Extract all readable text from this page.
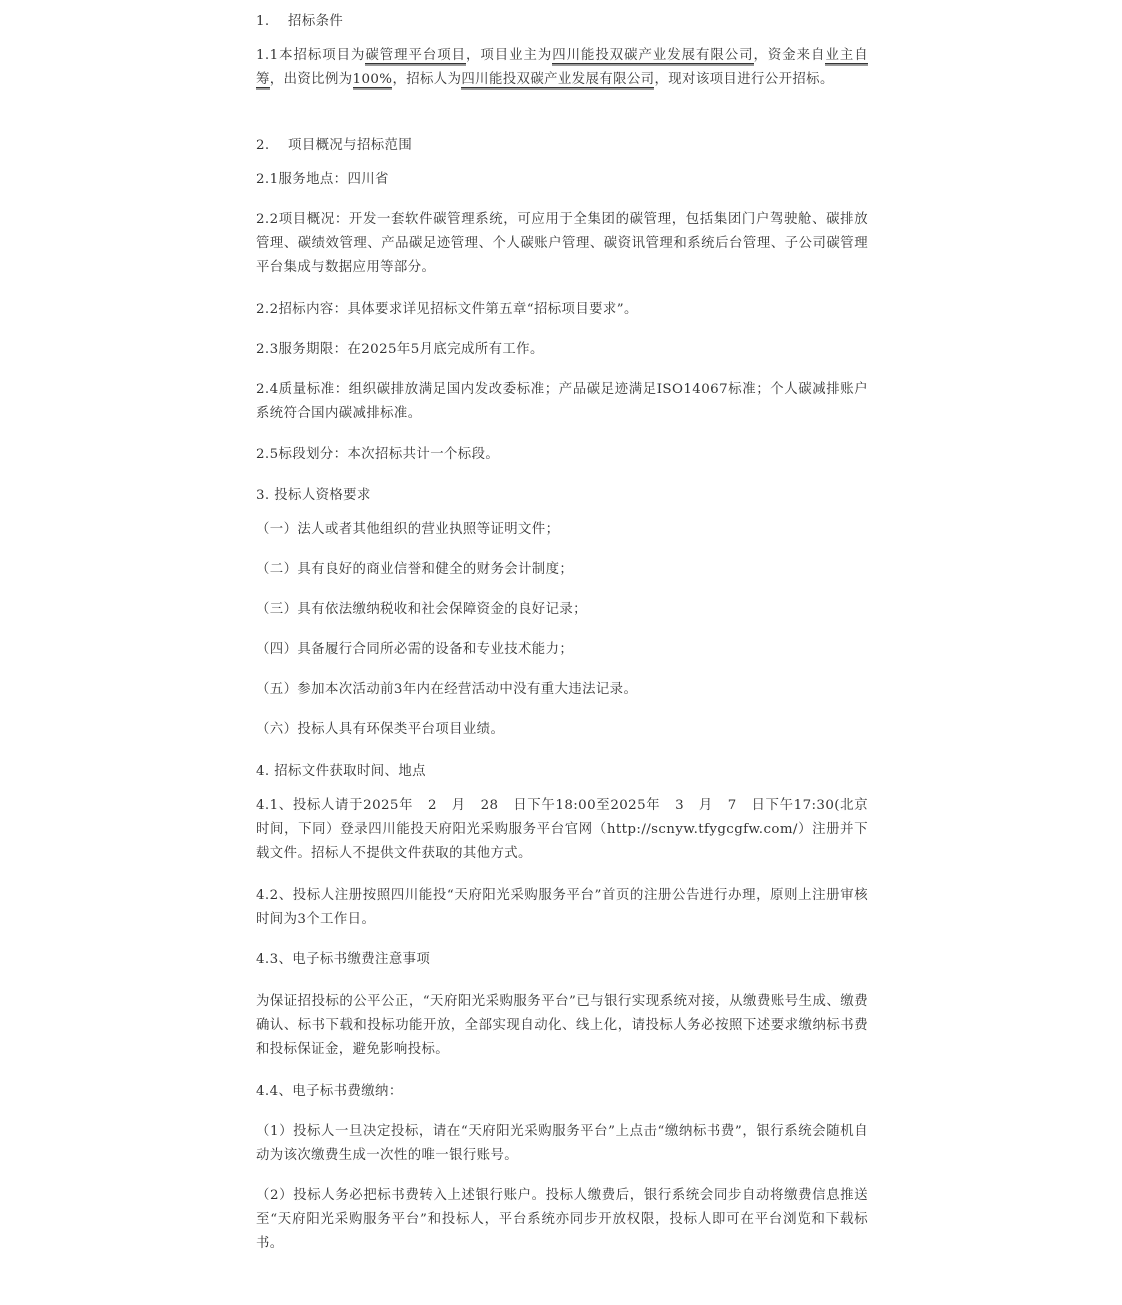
1.　 招标条件

1.1本招标项目为碳管理平台项目，项目业主为四川能投双碳产业发展有限公司，资金来自业主自筹，出资比例为100%，招标人为四川能投双碳产业发展有限公司，现对该项目进行公开招标。

2.　 项目概况与招标范围

2.1服务地点：四川省

2.2项目概况：开发一套软件碳管理系统，可应用于全集团的碳管理，包括集团门户驾驶舱、碳排放管理、碳绩效管理、产品碳足迹管理、个人碳账户管理、碳资讯管理和系统后台管理、子公司碳管理平台集成与数据应用等部分。

2.2招标内容：具体要求详见招标文件第五章“招标项目要求”。

2.3服务期限：在2025年5月底完成所有工作。

2.4质量标准：组织碳排放满足国内发改委标准；产品碳足迹满足ISO14067标准；个人碳减排账户系统符合国内碳减排标准。

2.5标段划分：本次招标共计一个标段。

3. 投标人资格要求

（一）法人或者其他组织的营业执照等证明文件；

（二）具有良好的商业信誉和健全的财务会计制度；

（三）具有依法缴纳税收和社会保障资金的良好记录；

（四）具备履行合同所必需的设备和专业技术能力；

（五）参加本次活动前3年内在经营活动中没有重大违法记录。

（六）投标人具有环保类平台项目业绩。

4. 招标文件获取时间、地点

4.1、投标人请于2025年   2   月   28   日下午18:00至2025年   3   月   7   日下午17:30(北京时间，下同）登录四川能投天府阳光采购服务平台官网（http://scnyw.tfygcgfw.com/）注册并下载文件。招标人不提供文件获取的其他方式。

4.2、投标人注册按照四川能投“天府阳光采购服务平台”首页的注册公告进行办理，原则上注册审核时间为3个工作日。

4.3、电子标书缴费注意事项

为保证招投标的公平公正，“天府阳光采购服务平台”已与银行实现系统对接，从缴费账号生成、缴费确认、标书下载和投标功能开放，全部实现自动化、线上化，请投标人务必按照下述要求缴纳标书费和投标保证金，避免影响投标。

4.4、电子标书费缴纳：

（1）投标人一旦决定投标，请在“天府阳光采购服务平台”上点击“缴纳标书费”，银行系统会随机自动为该次缴费生成一次性的唯一银行账号。

（2）投标人务必把标书费转入上述银行账户。投标人缴费后，银行系统会同步自动将缴费信息推送至“天府阳光采购服务平台”和投标人，平台系统亦同步开放权限，投标人即可在平台浏览和下载标书。
